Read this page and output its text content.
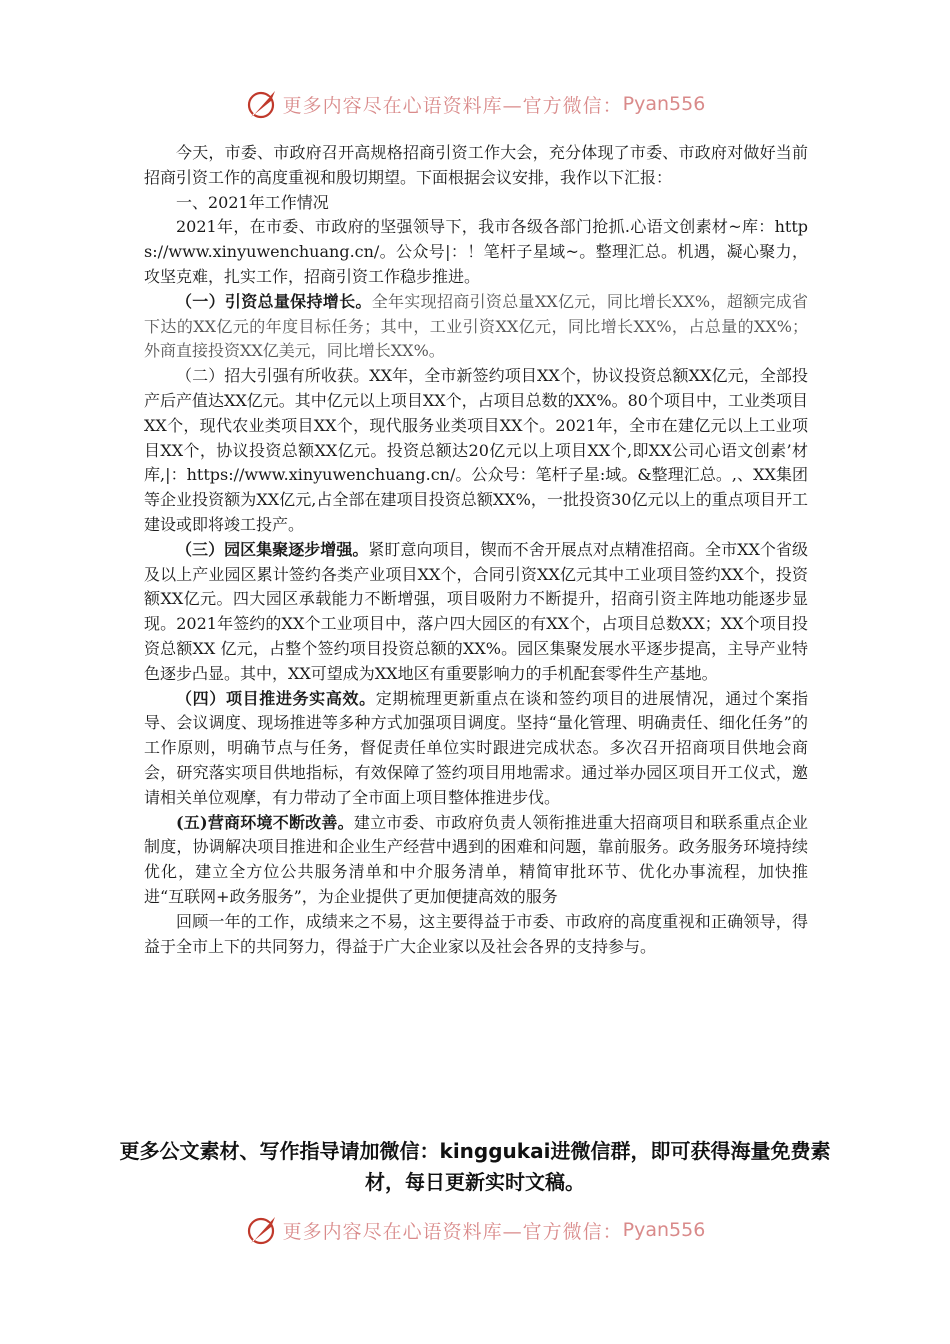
更多内容尽在心语资料库—官方微信： Pyan556

今天，市委、市政府召开高规格招商引资工作大会，充分体现了市委、市政府对做好当前招商引资工作的高度重视和殷切期望。下面根据会议安排，我作以下汇报：

一、2021年工作情况

2021年，在市委、市政府的坚强领导下，我市各级各部门抢抓.心语文创素材~库：https://www.xinyuwenchuang.cn/。公众号|：！笔杆子星域~。整理汇总。机遇，凝心聚力，攻坚克难，扎实工作，招商引资工作稳步推进。

（一）引资总量保持增长。全年实现招商引资总量XX亿元，同比增长XX%，超额完成省下达的XX亿元的年度目标任务；其中，工业引资XX亿元，同比增长XX%，占总量的XX%；外商直接投资XX亿美元，同比增长XX%。

（二）招大引强有所收获。XX年，全市新签约项目XX个，协议投资总额XX亿元，全部投产后产值达XX亿元。其中亿元以上项目XX个，占项目总数的XX%。80个项目中，工业类项目XX个，现代农业类项目XX个，现代服务业类项目XX个。2021年，全市在建亿元以上工业项目XX个，协议投资总额XX亿元。投资总额达20亿元以上项目XX个,即XX公司心语文创素’材库,|：https://www.xinyuwenchuang.cn/。公众号：笔杆子星:域。&整理汇总。,、XX集团等企业投资额为XX亿元,占全部在建项目投资总额XX%，一批投资30亿元以上的重点项目开工建设或即将竣工投产。

（三）园区集聚逐步增强。紧盯意向项目，锲而不舍开展点对点精准招商。全市XX个省级及以上产业园区累计签约各类产业项目XX个，合同引资XX亿元其中工业项目签约XX个，投资额XX亿元。四大园区承载能力不断增强，项目吸附力不断提升，招商引资主阵地功能逐步显现。2021年签约的XX个工业项目中，落户四大园区的有XX个，占项目总数XX；XX个项目投资总额XX 亿元，占整个签约项目投资总额的XX%。园区集聚发展水平逐步提高，主导产业特色逐步凸显。其中，XX可望成为XX地区有重要影响力的手机配套零件生产基地。

（四）项目推进务实高效。定期梳理更新重点在谈和签约项目的进展情况，通过个案指导、会议调度、现场推进等多种方式加强项目调度。坚持“量化管理、明确责任、细化任务”的工作原则，明确节点与任务，督促责任单位实时跟进完成状态。多次召开招商项目供地会商会，研究落实项目供地指标，有效保障了签约项目用地需求。通过举办园区项目开工仪式，邀请相关单位观摩，有力带动了全市面上项目整体推进步伐。

(五)营商环境不断改善。建立市委、市政府负责人领衔推进重大招商项目和联系重点企业制度，协调解决项目推进和企业生产经营中遇到的困难和问题，靠前服务。政务服务环境持续优化，建立全方位公共服务清单和中介服务清单，精简审批环节、优化办事流程，加快推进“互联网+政务服务”，为企业提供了更加便捷高效的服务

回顾一年的工作，成绩来之不易，这主要得益于市委、市政府的高度重视和正确领导，得益于全市上下的共同努力，得益于广大企业家以及社会各界的支持参与。

更多公文素材、写作指导请加微信：kinggukai进微信群，即可获得海量免费素材，每日更新实时文稿。
更多内容尽在心语资料库—官方微信： Pyan556
